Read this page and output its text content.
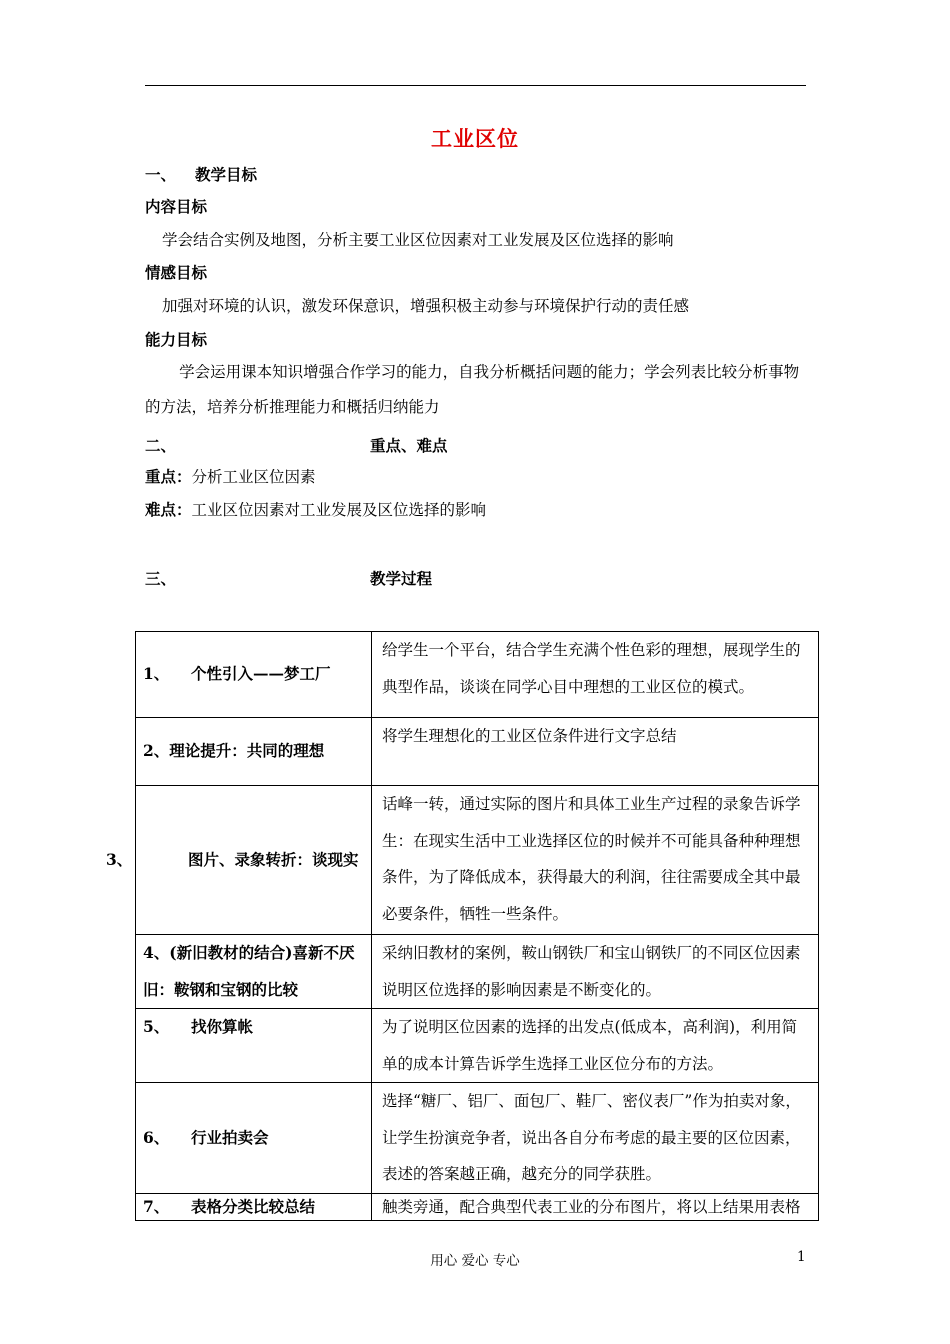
工业区位
一、 教学目标
内容目标
学会结合实例及地图，分析主要工业区位因素对工业发展及区位选择的影响
情感目标
加强对环境的认识，激发环保意识，增强积极主动参与环境保护行动的责任感
能力目标
学会运用课本知识增强合作学习的能力，自我分析概括问题的能力；学会列表比较分析事物的方法，培养分析推理能力和概括归纳能力
二、	重点、难点
重点：分析工业区位因素
难点：工业区位因素对工业发展及区位选择的影响
三、	教学过程
1、 个性引入——梦工厂	给学生一个平台，结合学生充满个性色彩的理想，展现学生的典型作品，谈谈在同学心目中理想的工业区位的模式。
2、理论提升：共同的理想	将学生理想化的工业区位条件进行文字总结

3、 图片、录象转折：谈现实	话峰一转，通过实际的图片和具体工业生产过程的录象告诉学生：在现实生活中工业选择区位的时候并不可能具备种种理想条件，为了降低成本，获得最大的利润，往往需要成全其中最必要条件，牺牲一些条件。
4、(新旧教材的结合)喜新不厌旧：鞍钢和宝钢的比较	采纳旧教材的案例，鞍山钢铁厂和宝山钢铁厂的不同区位因素说明区位选择的影响因素是不断变化的。
5、 找你算帐	为了说明区位因素的选择的出发点(低成本，高利润)，利用简单的成本计算告诉学生选择工业区位分布的方法。
6、 行业拍卖会	选择“糖厂、铝厂、面包厂、鞋厂、密仪表厂”作为拍卖对象，让学生扮演竞争者，说出各自分布考虑的最主要的区位因素，表述的答案越正确，越充分的同学获胜。
7、 表格分类比较总结	触类旁通，配合典型代表工业的分布图片，将以上结果用表格
用心 爱心 专心	1
